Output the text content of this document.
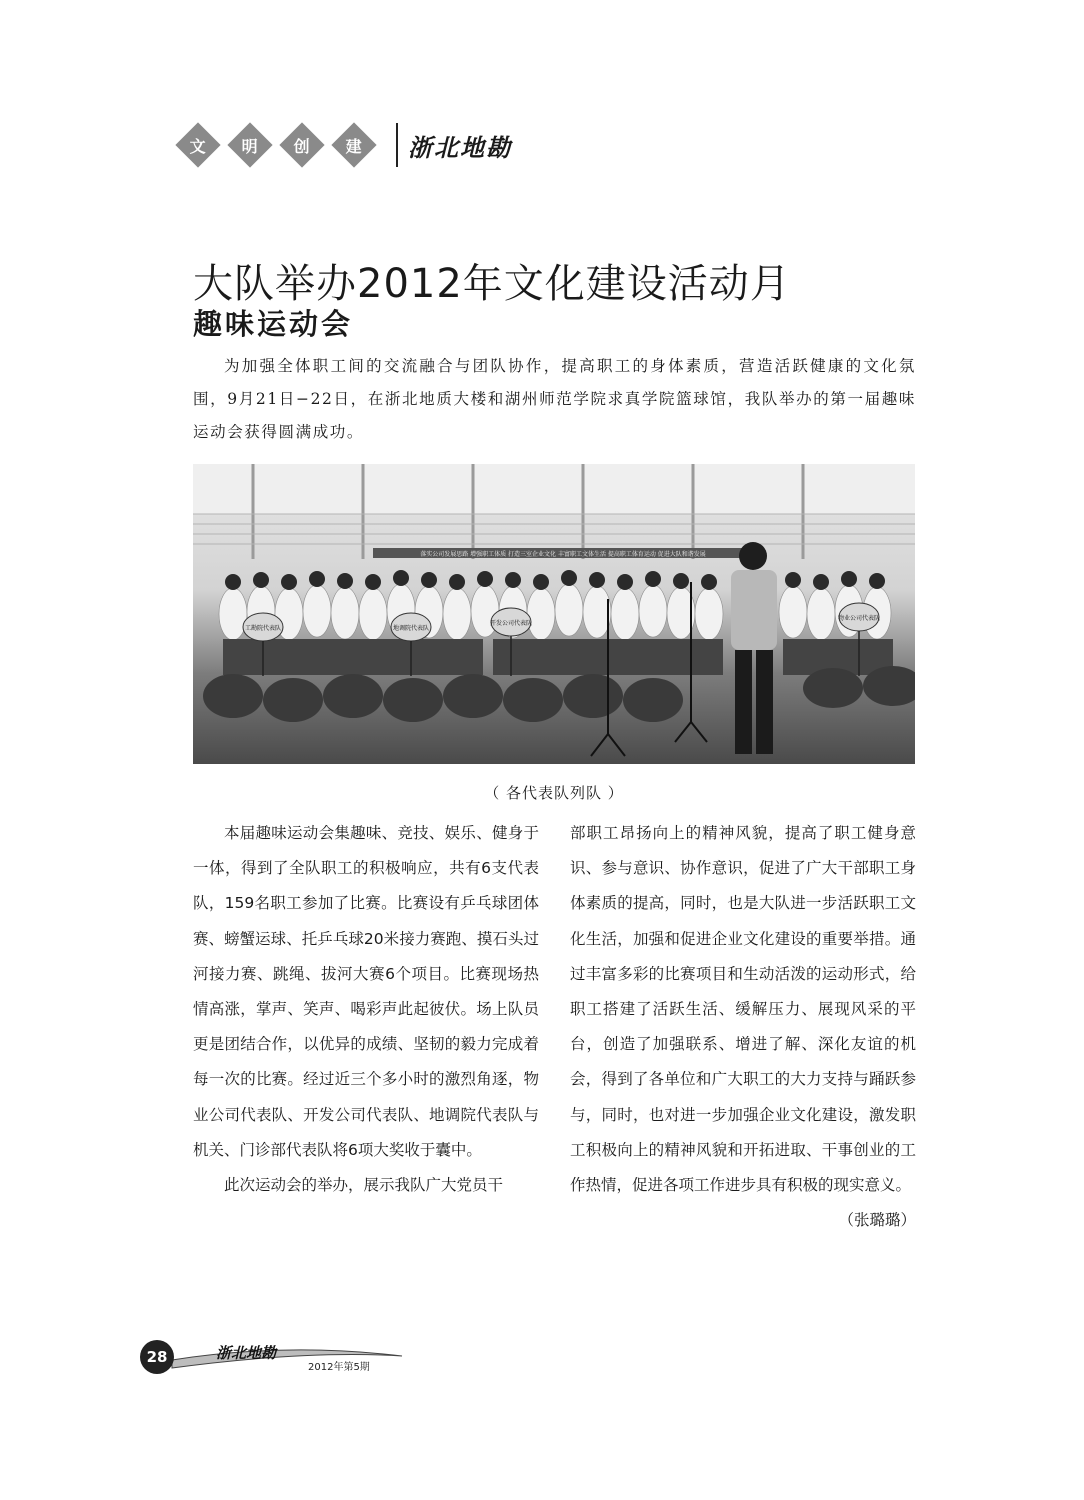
文 明 创 建 浙北地勘
大队举办2012年文化建设活动月
趣味运动会
为加强全体职工间的交流融合与团队协作，提高职工的身体素质，营造活跃健康的文化氛围，9月21日−22日，在浙北地质大楼和湖州师范学院求真学院篮球馆，我队举办的第一届趣味运动会获得圆满成功。
落实公司发展思路 增强职工体质 打造三室企业文化 丰富职工文体生活 提高职工体育运动 促进大队和谐发展
工勘院代表队	地调院代表队
开发公司代表队
物业公司代表队
（ 各代表队列队 ）

本届趣味运动会集趣味、竞技、娱乐、健身于一体，得到了全队职工的积极响应，共有6支代表队，159名职工参加了比赛。比赛设有乒乓球团体赛、螃蟹运球、托乒乓球20米接力赛跑、摸石头过河接力赛、跳绳、拔河大赛6个项目。比赛现场热情高涨，掌声、笑声、喝彩声此起彼伏。场上队员更是团结合作，以优异的成绩、坚韧的毅力完成着每一次的比赛。经过近三个多小时的激烈角逐，物业公司代表队、开发公司代表队、地调院代表队与机关、门诊部代表队将6项大奖收于囊中。

此次运动会的举办，展示我队广大党员干

部职工昂扬向上的精神风貌，提高了职工健身意识、参与意识、协作意识，促进了广大干部职工身体素质的提高，同时，也是大队进一步活跃职工文化生活，加强和促进企业文化建设的重要举措。通过丰富多彩的比赛项目和生动活泼的运动形式，给职工搭建了活跃生活、缓解压力、展现风采的平台，创造了加强联系、增进了解、深化友谊的机会，得到了各单位和广大职工的大力支持与踊跃参与，同时，也对进一步加强企业文化建设，激发职工积极向上的精神风貌和开拓进取、干事创业的工作热情，促进各项工作进步具有积极的现实意义。
（张璐璐）

28	浙北地勘
2012年第5期
